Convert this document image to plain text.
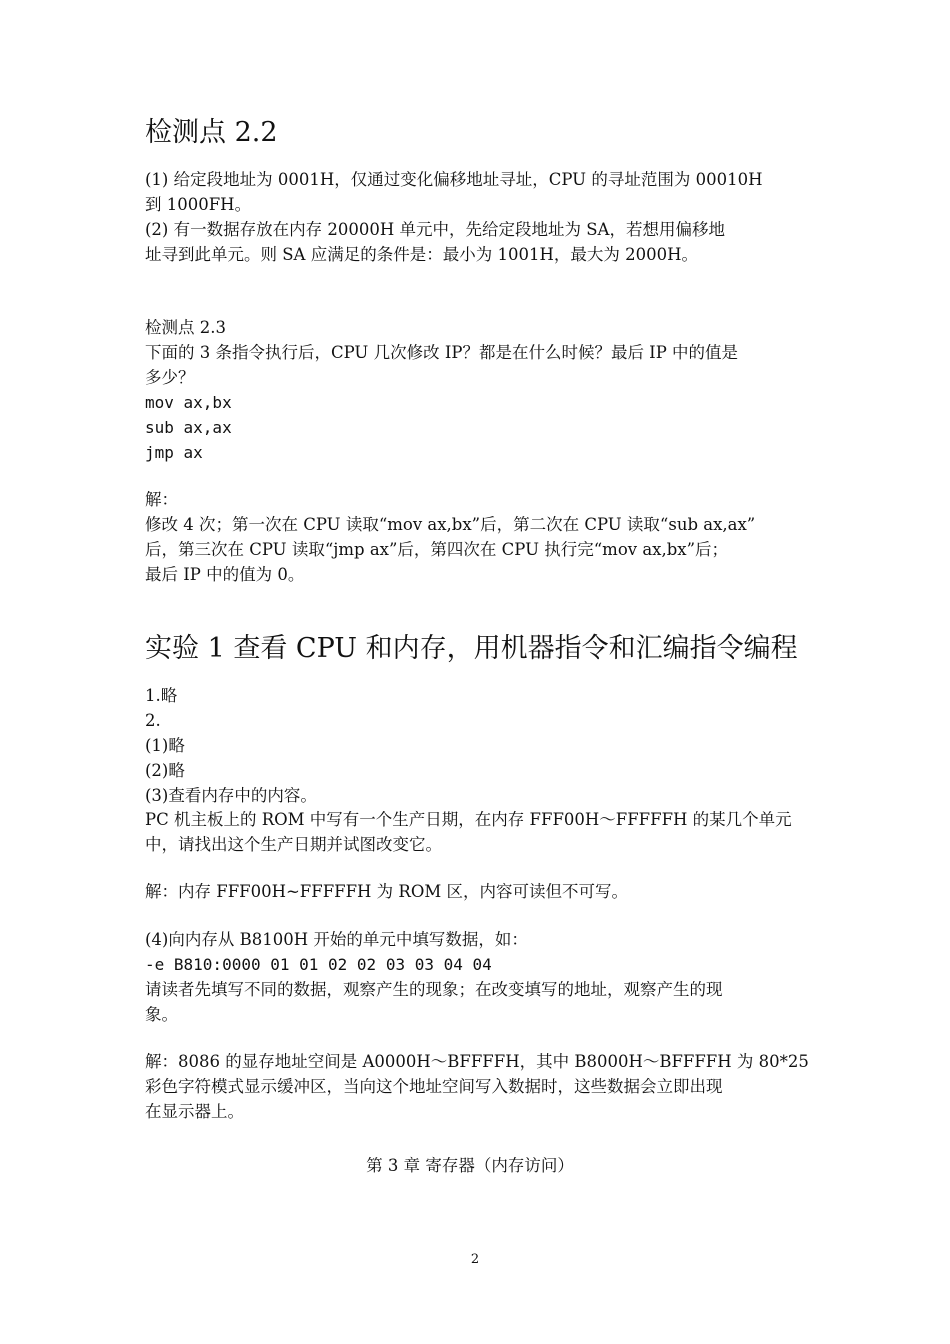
检测点 2.2
(1) 给定段地址为 0001H，仅通过变化偏移地址寻址，CPU 的寻址范围为 00010H
到 1000FH。
(2) 有一数据存放在内存 20000H 单元中，先给定段地址为 SA，若想用偏移地
址寻到此单元。则 SA 应满足的条件是：最小为 1001H，最大为 2000H。
检测点 2.3
下面的 3 条指令执行后，CPU 几次修改 IP？都是在什么时候？最后 IP 中的值是
多少？
mov ax,bx
sub ax,ax
jmp ax
解：
修改 4 次；第一次在 CPU 读取“mov ax,bx”后，第二次在 CPU 读取“sub ax,ax”
后，第三次在 CPU 读取“jmp ax”后，第四次在 CPU 执行完“mov ax,bx”后；
最后 IP 中的值为 0。
实验 1 查看 CPU 和内存，用机器指令和汇编指令编程
1.略
2.
(1)略
(2)略
(3)查看内存中的内容。
PC 机主板上的 ROM 中写有一个生产日期，在内存 FFF00H～FFFFFH 的某几个单元
中，请找出这个生产日期并试图改变它。
解：内存 FFF00H~FFFFFH 为 ROM 区，内容可读但不可写。
(4)向内存从 B8100H 开始的单元中填写数据，如：
-e B810:0000 01 01 02 02 03 03 04 04
请读者先填写不同的数据，观察产生的现象；在改变填写的地址，观察产生的现
象。
解：8086 的显存地址空间是 A0000H～BFFFFH，其中 B8000H～BFFFFH 为 80*25
彩色字符模式显示缓冲区，当向这个地址空间写入数据时，这些数据会立即出现
在显示器上。
第 3 章 寄存器（内存访问）
2
